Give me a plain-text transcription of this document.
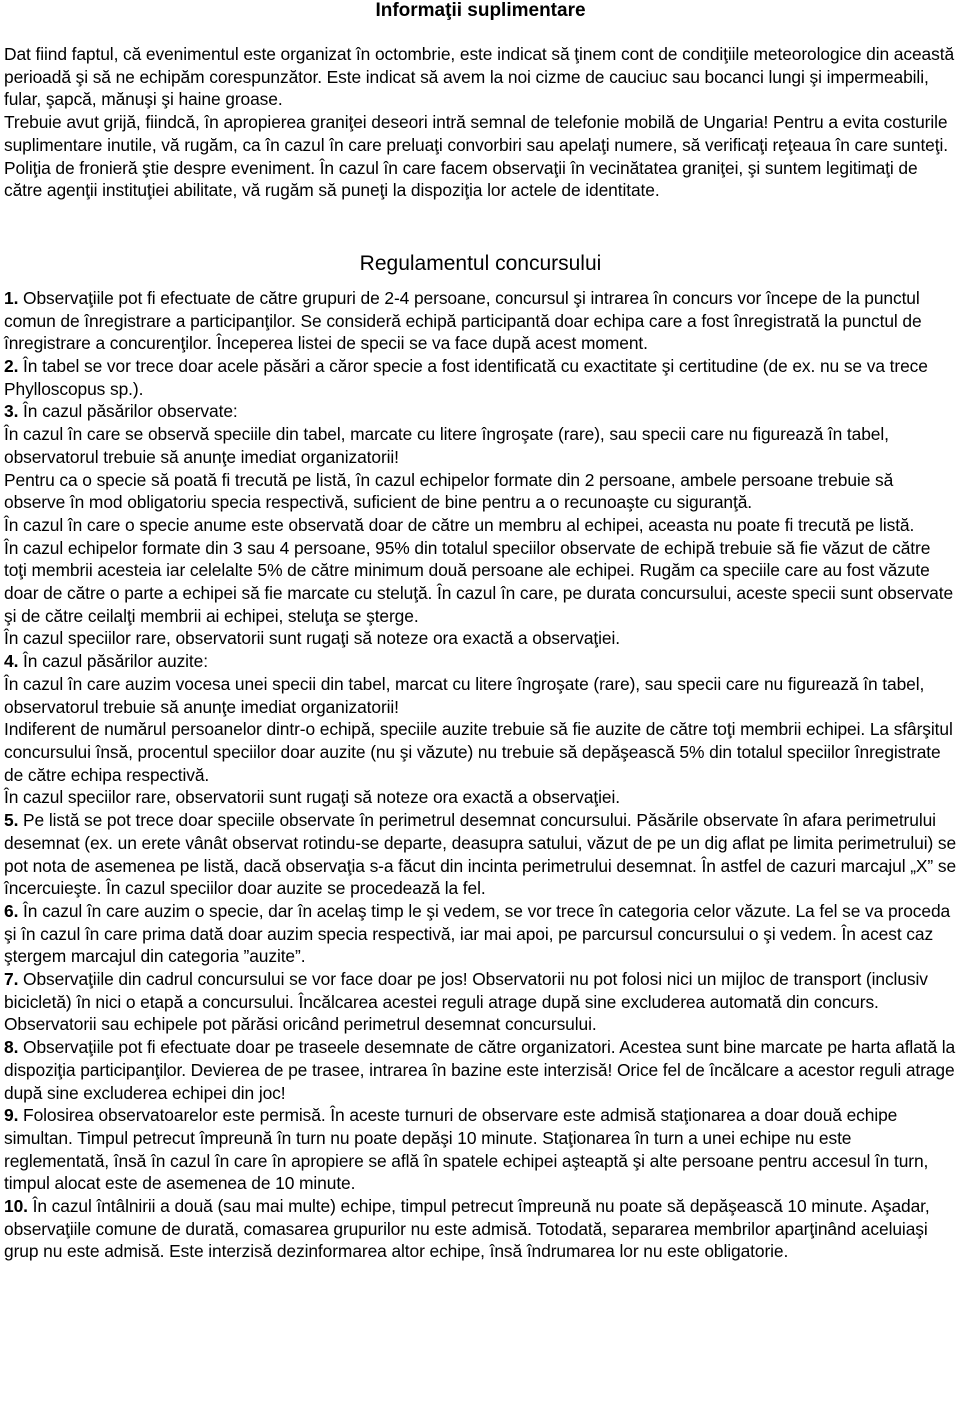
Informaţii suplimentare

Dat fiind faptul, că evenimentul este organizat în octombrie, este indicat să ţinem cont de condiţiile meteorologice din această perioadă şi să ne echipăm corespunzător. Este indicat să avem la noi cizme de cauciuc sau bocanci lungi şi impermeabili, fular, şapcă, mănuşi şi haine groase.

Trebuie avut grijă, fiindcă, în apropierea graniţei deseori intră semnal de telefonie mobilă de Ungaria! Pentru a evita costurile suplimentare inutile, vă rugăm, ca în cazul în care preluaţi convorbiri sau apelaţi numere, să verificaţi reţeaua în care sunteţi.

Poliţia de fronieră ştie despre eveniment. În cazul în care facem observaţii în vecinătatea graniţei, şi suntem legitimaţi de către agenţii instituţiei abilitate, vă rugăm să puneţi la dispoziţia lor actele de identitate.

Regulamentul concursului

1. Observaţiile pot fi efectuate de către grupuri de 2-4 persoane, concursul şi intrarea în concurs vor începe de la punctul comun de înregistrare a participanţilor. Se consideră echipă participantă doar echipa care a fost înregistrată la punctul de înregistrare a concurenţilor. Începerea listei de specii se va face după acest moment.

2. În tabel se vor trece doar acele păsări a căror specie a fost identificată cu exactitate şi certitudine (de ex. nu se va trece Phylloscopus sp.).

3. În cazul păsărilor observate:

În cazul în care se observă speciile din tabel, marcate cu litere îngroşate (rare), sau specii care nu figurează în tabel, observatorul trebuie să anunţe imediat organizatorii!

Pentru ca o specie să poată fi trecută pe listă, în cazul echipelor formate din 2 persoane, ambele persoane trebuie să observe în mod obligatoriu specia respectivă, suficient de bine pentru a o recunoaşte cu siguranţă.

În cazul în care o specie anume este observată doar de către un membru al echipei, aceasta nu poate fi trecută pe listă.

În cazul echipelor formate din 3 sau 4 persoane, 95% din totalul speciilor observate de echipă trebuie să fie văzut de către toţi membrii acesteia iar celelalte 5% de către minimum două persoane ale echipei. Rugăm ca speciile care au fost văzute doar de către o parte a echipei să fie marcate cu steluţă. În cazul în care, pe durata concursului, aceste specii sunt observate şi de către ceilalţi membrii ai echipei, steluţa se şterge.

În cazul speciilor rare, observatorii sunt rugaţi să noteze ora exactă a observaţiei.

4. În cazul păsărilor auzite:

În cazul în care auzim vocesa unei specii din tabel, marcat cu litere îngroşate (rare), sau specii care nu figurează în tabel, observatorul trebuie să anunţe imediat organizatorii!

Indiferent de numărul persoanelor dintr-o echipă, speciile auzite trebuie să fie auzite de către toţi membrii echipei. La sfârşitul concursului însă, procentul speciilor doar auzite (nu şi văzute) nu trebuie să depăşească 5% din totalul speciilor înregistrate de către echipa respectivă.

În cazul speciilor rare, observatorii sunt rugaţi să noteze ora exactă a observaţiei.

5. Pe listă se pot trece doar speciile observate în perimetrul desemnat concursului. Păsările observate în afara perimetrului desemnat (ex. un erete vânât observat rotindu-se departe, deasupra satului, văzut de pe un dig aflat pe limita perimetrului) se pot nota de asemenea pe listă, dacă observaţia s-a făcut din incinta perimetrului desemnat. În astfel de cazuri marcajul „X” se încercuieşte. În cazul speciilor doar auzite se procedează la fel.

6. În cazul în care auzim o specie, dar în acelaş timp le şi vedem, se vor trece în categoria celor văzute. La fel se va proceda şi în cazul în care prima dată doar auzim specia respectivă, iar mai apoi, pe parcursul concursului o şi vedem. În acest caz ştergem marcajul din categoria ”auzite”.

7. Observaţiile din cadrul concursului se vor face doar pe jos! Observatorii nu pot folosi nici un mijloc de transport (inclusiv bicicletă) în nici o etapă a concursului. Încălcarea acestei reguli atrage după sine excluderea automată din concurs. Observatorii sau echipele pot părăsi oricând perimetrul desemnat concursului.

8. Observaţiile pot fi efectuate doar pe traseele desemnate de către organizatori. Acestea sunt bine marcate pe harta aflată la dispoziţia participanţilor. Devierea de pe trasee, intrarea în bazine este interzisă! Orice fel de încălcare a acestor reguli atrage după sine excluderea echipei din joc!

9. Folosirea observatoarelor este permisă. În aceste turnuri de observare este admisă staţionarea a doar două echipe simultan. Timpul petrecut împreună în turn nu poate depăşi 10 minute. Staţionarea în turn a unei echipe nu este reglementată, însă în cazul în care în apropiere se află în spatele echipei aşteaptă şi alte persoane pentru accesul în turn, timpul alocat este de asemenea de 10 minute.

10. În cazul întâlnirii a două (sau mai multe) echipe, timpul petrecut împreună nu poate să depăşească 10 minute. Aşadar, observaţiile comune de durată, comasarea grupurilor nu este admisă. Totodată, separarea membrilor aparţinând aceluiaşi grup nu este admisă. Este interzisă dezinformarea altor echipe, însă îndrumarea lor nu este obligatorie.
